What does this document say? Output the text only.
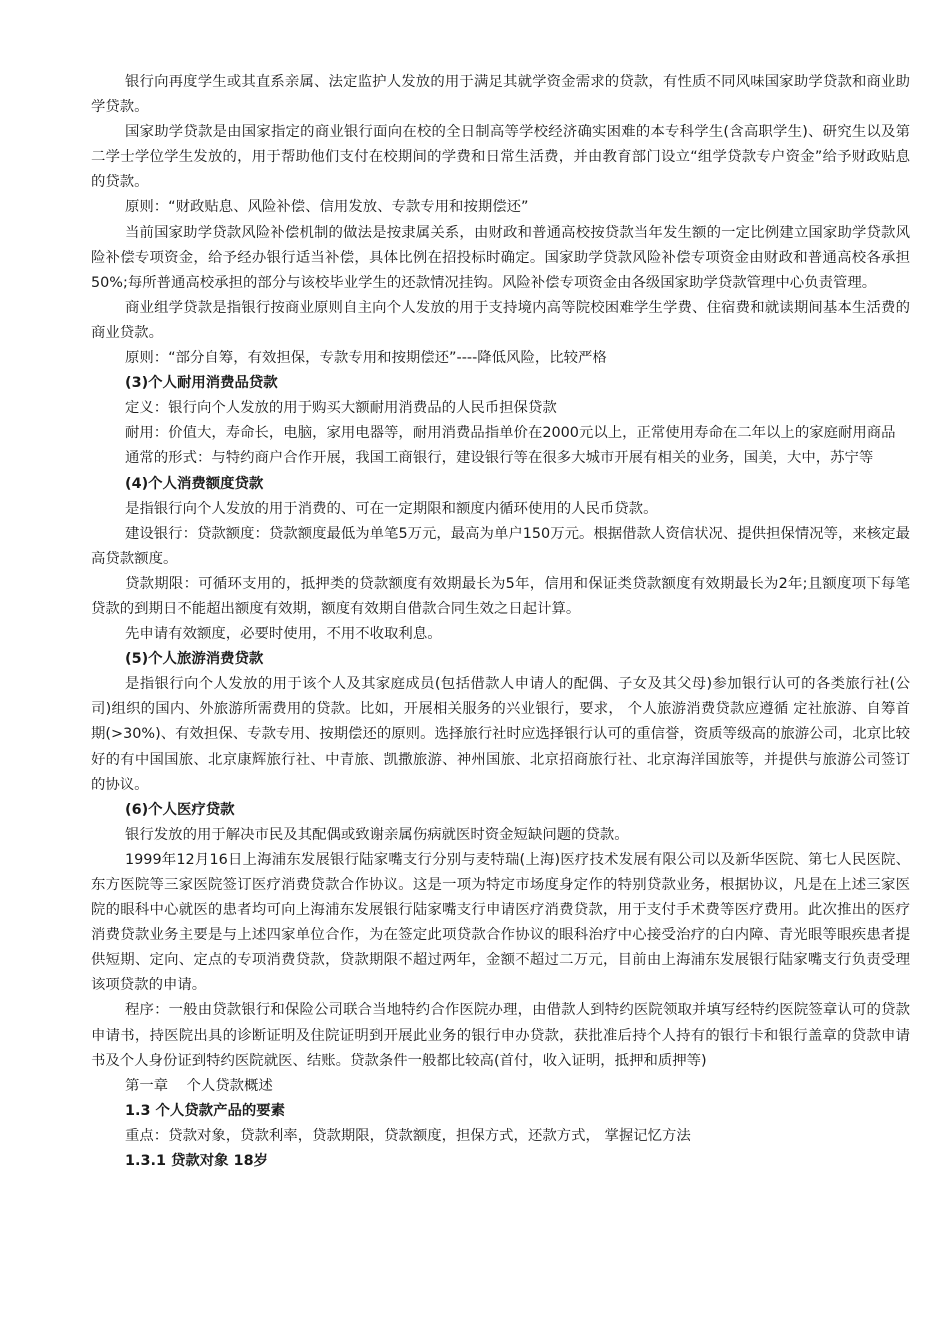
银行向再度学生或其直系亲属、法定监护人发放的用于满足其就学资金需求的贷款，有性质不同风味国家助学贷款和商业助学贷款。

国家助学贷款是由国家指定的商业银行面向在校的全日制高等学校经济确实困难的本专科学生(含高职学生)、研究生以及第二学士学位学生发放的，用于帮助他们支付在校期间的学费和日常生活费，并由教育部门设立“组学贷款专户资金”给予财政贴息的贷款。

原则：“财政贴息、风险补偿、信用发放、专款专用和按期偿还”

当前国家助学贷款风险补偿机制的做法是按隶属关系，由财政和普通高校按贷款当年发生额的一定比例建立国家助学贷款风险补偿专项资金，给予经办银行适当补偿，具体比例在招投标时确定。国家助学贷款风险补偿专项资金由财政和普通高校各承担50%;每所普通高校承担的部分与该校毕业学生的还款情况挂钩。风险补偿专项资金由各级国家助学贷款管理中心负责管理。

商业组学贷款是指银行按商业原则自主向个人发放的用于支持境内高等院校困难学生学费、住宿费和就读期间基本生活费的商业贷款。

原则：“部分自筹，有效担保，专款专用和按期偿还”----降低风险，比较严格

(3)个人耐用消费品贷款

定义：银行向个人发放的用于购买大额耐用消费品的人民币担保贷款

耐用：价值大，寿命长，电脑，家用电器等，耐用消费品指单价在2000元以上，正常使用寿命在二年以上的家庭耐用商品

通常的形式：与特约商户合作开展，我国工商银行，建设银行等在很多大城市开展有相关的业务，国美，大中，苏宁等

(4)个人消费额度贷款

是指银行向个人发放的用于消费的、可在一定期限和额度内循环使用的人民币贷款。

建设银行：贷款额度：贷款额度最低为单笔5万元，最高为单户150万元。根据借款人资信状况、提供担保情况等，来核定最高贷款额度。

贷款期限：可循环支用的，抵押类的贷款额度有效期最长为5年，信用和保证类贷款额度有效期最长为2年;且额度项下每笔贷款的到期日不能超出额度有效期，额度有效期自借款合同生效之日起计算。

先申请有效额度，必要时使用，不用不收取利息。

(5)个人旅游消费贷款

是指银行向个人发放的用于该个人及其家庭成员(包括借款人申请人的配偶、子女及其父母)参加银行认可的各类旅行社(公司)组织的国内、外旅游所需费用的贷款。比如，开展相关服务的兴业银行，要求， 个人旅游消费贷款应遵循 定社旅游、自筹首期(>30%)、有效担保、专款专用、按期偿还的原则。选择旅行社时应选择银行认可的重信誉，资质等级高的旅游公司，北京比较好的有中国国旅、北京康辉旅行社、中青旅、凯撒旅游、神州国旅、北京招商旅行社、北京海洋国旅等，并提供与旅游公司签订的协议。

(6)个人医疗贷款

银行发放的用于解决市民及其配偶或致谢亲属伤病就医时资金短缺问题的贷款。

1999年12月16日上海浦东发展银行陆家嘴支行分别与麦特瑞(上海)医疗技术发展有限公司以及新华医院、第七人民医院、东方医院等三家医院签订医疗消费贷款合作协议。这是一项为特定市场度身定作的特别贷款业务，根据协议，凡是在上述三家医院的眼科中心就医的患者均可向上海浦东发展银行陆家嘴支行申请医疗消费贷款，用于支付手术费等医疗费用。此次推出的医疗消费贷款业务主要是与上述四家单位合作，为在签定此项贷款合作协议的眼科治疗中心接受治疗的白内障、青光眼等眼疾患者提供短期、定向、定点的专项消费贷款，贷款期限不超过两年，金额不超过二万元，目前由上海浦东发展银行陆家嘴支行负责受理该项贷款的申请。

程序：一般由贷款银行和保险公司联合当地特约合作医院办理，由借款人到特约医院领取并填写经特约医院签章认可的贷款申请书，持医院出具的诊断证明及住院证明到开展此业务的银行申办贷款，获批准后持个人持有的银行卡和银行盖章的贷款申请书及个人身份证到特约医院就医、结账。贷款条件一般都比较高(首付，收入证明，抵押和质押等)

第一章    个人贷款概述

1.3 个人贷款产品的要素

重点：贷款对象，贷款利率，贷款期限，贷款额度，担保方式，还款方式， 掌握记忆方法

1.3.1 贷款对象 18岁
